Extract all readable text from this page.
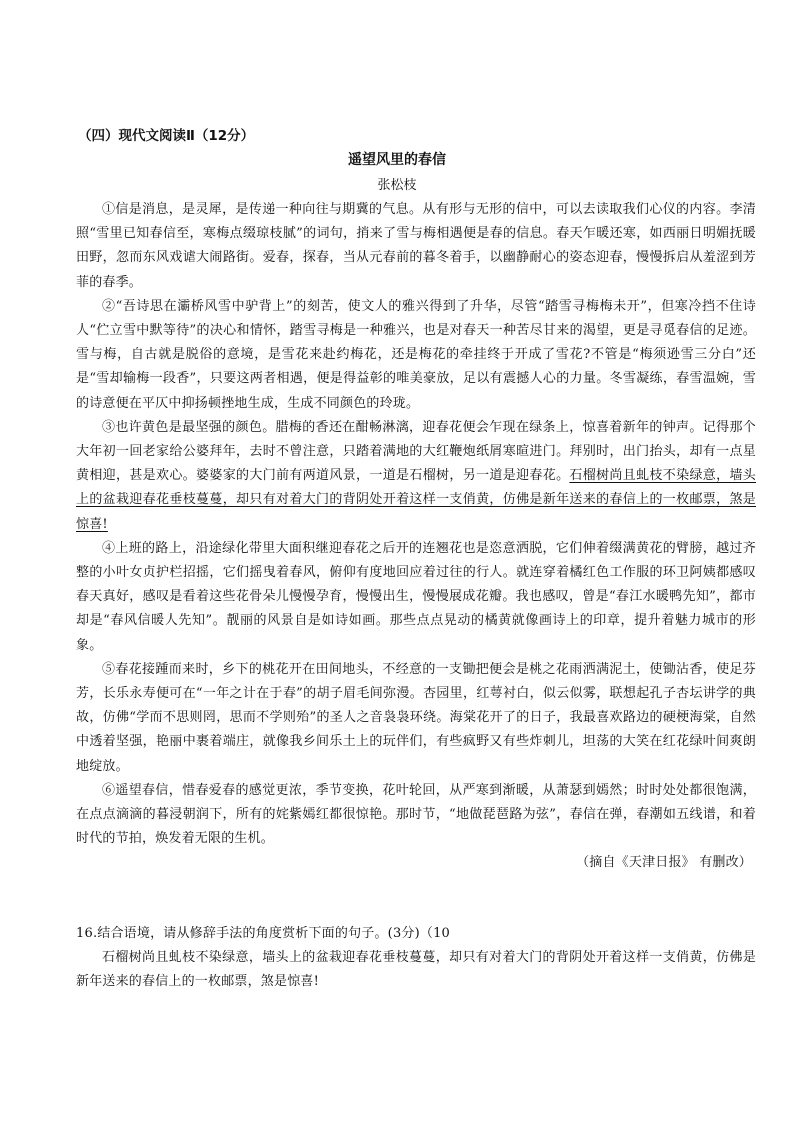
（四）现代文阅读Ⅱ（12分）
遥望风里的春信
张松枝

①信是消息，是灵犀，是传递一种向往与期冀的气息。从有形与无形的信中，可以去读取我们心仪的内容。李清照“雪里已知春信至，寒梅点缀琼枝腻”的词句，捎来了雪与梅相遇便是春的信息。春天乍暖还寒，如西丽日明媚抚暖田野，忽而东风戏谑大闹路街。爱春，探春，当从元春前的暮冬着手，以幽静耐心的姿态迎春，慢慢拆启从羞涩到芳菲的春季。

②“吾诗思在灞桥风雪中驴背上”的刻苦，使文人的雅兴得到了升华，尽管“踏雪寻梅梅未开”，但寒冷挡不住诗人“伫立雪中默等待”的决心和情怀，踏雪寻梅是一种雅兴，也是对春天一种苦尽甘来的渴望，更是寻觅春信的足迹。雪与梅，自古就是脱俗的意境，是雪花来赴约梅花，还是梅花的牵挂终于开成了雪花?不管是“梅须逊雪三分白”还是“雪却输梅一段香”，只要这两者相遇，便是得益彰的唯美豪放，足以有震撼人心的力量。冬雪凝练，春雪温婉，雪的诗意便在平仄中抑扬顿挫地生成，生成不同颜色的玲珑。

③也许黄色是最坚强的颜色。腊梅的香还在酣畅淋漓，迎春花便会乍现在绿条上，惊喜着新年的钟声。记得那个大年初一回老家给公婆拜年，去时不曾注意，只踏着满地的大红鞭炮纸屑寒暄进门。拜别时，出门抬头，却有一点星黄相迎，甚是欢心。婆婆家的大门前有两道风景，一道是石榴树，另一道是迎春花。石榴树尚且虬枝不染绿意，墙头上的盆栽迎春花垂枝蔓蔓，却只有对着大门的背阴处开着这样一支俏黄，仿佛是新年送来的春信上的一枚邮票，煞是惊喜!

④上班的路上，沿途绿化带里大面积继迎春花之后开的连翘花也是恣意洒脱，它们伸着缀满黄花的臂膀，越过齐整的小叶女贞护栏招摇，它们摇曳着春风，俯仰有度地回应着过往的行人。就连穿着橘红色工作服的环卫阿姨都感叹春天真好，感叹是看着这些花骨朵儿慢慢孕育，慢慢出生，慢慢展成花瓣。我也感叹，曾是“春江水暖鸭先知”，都市却是“春风信暖人先知”。靓丽的风景自是如诗如画。那些点点晃动的橘黄就像画诗上的印章，提升着魅力城市的形象。

⑤春花接踵而来时，乡下的桃花开在田间地头，不经意的一支锄把便会是桃之花雨洒满泥土，使锄沾香，使足芬芳，长乐永寿便可在“一年之计在于春”的胡子眉毛间弥漫。杏园里，红萼衬白，似云似雾，联想起孔子杏坛讲学的典故，仿佛“学而不思则罔，思而不学则殆”的圣人之音袅袅环绕。海棠花开了的日子，我最喜欢路边的硬梗海棠，自然中透着坚强，艳丽中裹着端庄，就像我乡间乐土上的玩伴们，有些疯野又有些炸刺儿，坦荡的大笑在红花绿叶间爽朗地绽放。

⑥遥望春信，惜春爱春的感觉更浓，季节变换，花叶轮回，从严寒到渐暖，从萧瑟到嫣然；时时处处都很饱满，在点点滴滴的暮浸朝润下，所有的姹紫嫣红都很惊艳。那时节，“地做琵琶路为弦”，春信在弹，春潮如五线谱，和着时代的节拍，焕发着无限的生机。

（摘自《天津日报》 有删改）

16.结合语境，请从修辞手法的角度赏析下面的句子。(3分)（10

石榴树尚且虬枝不染绿意，墙头上的盆栽迎春花垂枝蔓蔓，却只有对着大门的背阴处开着这样一支俏黄，仿佛是新年送来的春信上的一枚邮票，煞是惊喜!
